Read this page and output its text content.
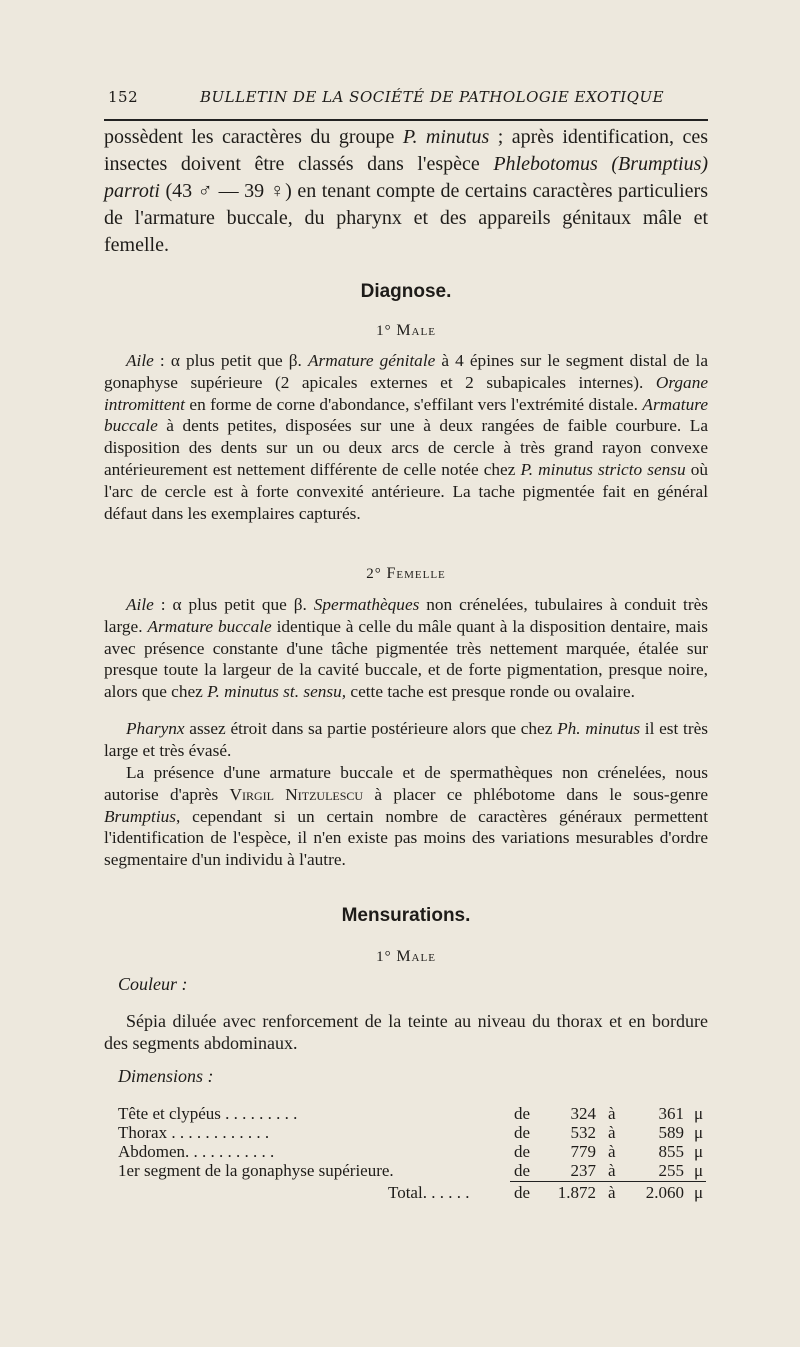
152	BULLETIN DE LA SOCIÉTÉ DE PATHOLOGIE EXOTIQUE
possèdent les caractères du groupe P. minutus ; après identification, ces insectes doivent être classés dans l'espèce Phlebotomus (Brumptius) parroti (43 ♂ — 39 ♀) en tenant compte de certains caractères particuliers de l'armature buccale, du pharynx et des appareils génitaux mâle et femelle.
Diagnose.
1° Male
Aile : α plus petit que β. Armature génitale à 4 épines sur le segment distal de la gonaphyse supérieure (2 apicales externes et 2 subapicales internes). Organe intromittent en forme de corne d'abondance, s'effilant vers l'extrémité distale. Armature buccale à dents petites, disposées sur une à deux rangées de faible courbure. La disposition des dents sur un ou deux arcs de cercle à très grand rayon convexe antérieurement est nettement différente de celle notée chez P. minutus stricto sensu où l'arc de cercle est à forte convexité antérieure. La tache pigmentée fait en général défaut dans les exemplaires capturés.
2° Femelle
Aile : α plus petit que β. Spermathèques non crénelées, tubulaires à conduit très large. Armature buccale identique à celle du mâle quant à la disposition dentaire, mais avec présence constante d'une tâche pigmentée très nettement marquée, étalée sur presque toute la largeur de la cavité buccale, et de forte pigmentation, presque noire, alors que chez P. minutus st. sensu, cette tache est presque ronde ou ovalaire.
Pharynx assez étroit dans sa partie postérieure alors que chez Ph. minutus il est très large et très évasé.
La présence d'une armature buccale et de spermathèques non crénelées, nous autorise d'après Virgil Nitzulescu à placer ce phlébotome dans le sous-genre Brumptius, cependant si un certain nombre de caractères généraux permettent l'identification de l'espèce, il n'en existe pas moins des variations mesurables d'ordre segmentaire d'un individu à l'autre.
Mensurations.
1° Male
Couleur :
Sépia diluée avec renforcement de la teinte au niveau du thorax et en bordure des segments abdominaux.
Dimensions :
Tête et clypéus . . . . . . . . .	de	324 à	361 μ
Thorax . . . . . . . . . . . .	de	532 à	589 μ
Abdomen. . . . . . . . . . .	de	779 à	855 μ
1er segment de la gonaphyse supérieure.	de	237 à	255 μ
Total. . . . . .	de	1.872 à	2.060 μ
